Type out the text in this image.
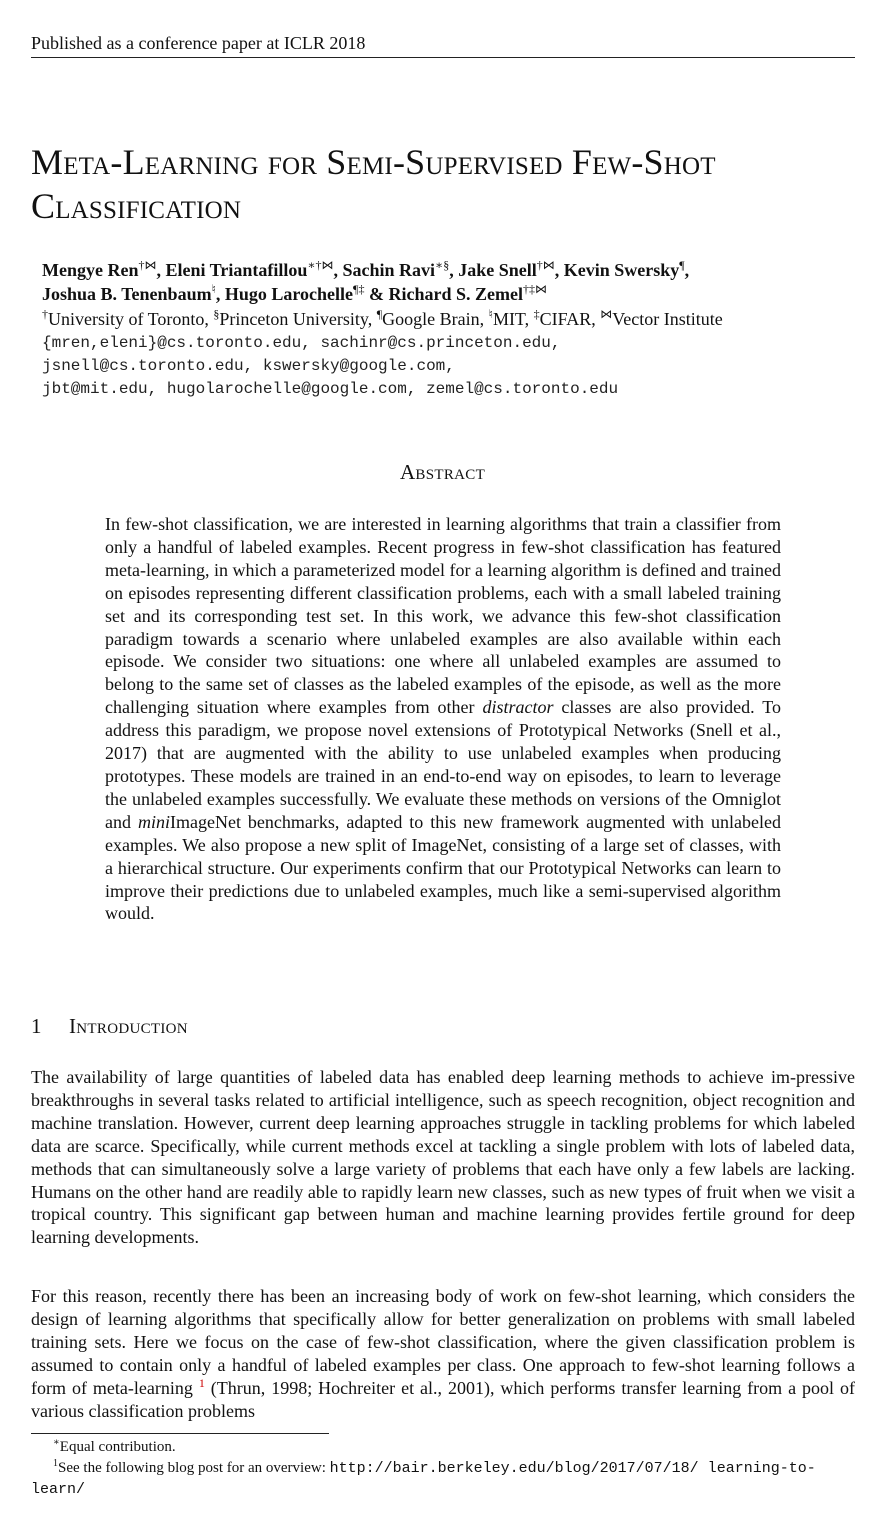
Published as a conference paper at ICLR 2018
Meta-Learning for Semi-Supervised Few-Shot Classification
Mengye Ren†⋈, Eleni Triantafillou∗†⋈, Sachin Ravi∗§, Jake Snell†⋈, Kevin Swersky¶,
Joshua B. Tenenbaum♮, Hugo Larochelle¶‡ & Richard S. Zemel†‡⋈
†University of Toronto, §Princeton University, ¶Google Brain, ♮MIT, ‡CIFAR, ⋈Vector Institute
{mren,eleni}@cs.toronto.edu, sachinr@cs.princeton.edu,
jsnell@cs.toronto.edu, kswersky@google.com,
jbt@mit.edu, hugolarochelle@google.com, zemel@cs.toronto.edu
Abstract
In few-shot classification, we are interested in learning algorithms that train a classifier from only a handful of labeled examples. Recent progress in few-shot classification has featured meta-learning, in which a parameterized model for a learning algorithm is defined and trained on episodes representing different classification problems, each with a small labeled training set and its corresponding test set. In this work, we advance this few-shot classification paradigm towards a scenario where unlabeled examples are also available within each episode. We consider two situations: one where all unlabeled examples are assumed to belong to the same set of classes as the labeled examples of the episode, as well as the more challenging situation where examples from other distractor classes are also provided. To address this paradigm, we propose novel extensions of Prototypical Networks (Snell et al., 2017) that are augmented with the ability to use unlabeled examples when producing prototypes. These models are trained in an end-to-end way on episodes, to learn to leverage the unlabeled examples successfully. We evaluate these methods on versions of the Omniglot and miniImageNet benchmarks, adapted to this new framework augmented with unlabeled examples. We also propose a new split of ImageNet, consisting of a large set of classes, with a hierarchical structure. Our experiments confirm that our Prototypical Networks can learn to improve their predictions due to unlabeled examples, much like a semi-supervised algorithm would.
1 Introduction
The availability of large quantities of labeled data has enabled deep learning methods to achieve im-pressive breakthroughs in several tasks related to artificial intelligence, such as speech recognition, object recognition and machine translation. However, current deep learning approaches struggle in tackling problems for which labeled data are scarce. Specifically, while current methods excel at tackling a single problem with lots of labeled data, methods that can simultaneously solve a large variety of problems that each have only a few labels are lacking. Humans on the other hand are readily able to rapidly learn new classes, such as new types of fruit when we visit a tropical country. This significant gap between human and machine learning provides fertile ground for deep learning developments.
For this reason, recently there has been an increasing body of work on few-shot learning, which considers the design of learning algorithms that specifically allow for better generalization on problems with small labeled training sets. Here we focus on the case of few-shot classification, where the given classification problem is assumed to contain only a handful of labeled examples per class. One approach to few-shot learning follows a form of meta-learning $^1$ (Thrun, 1998; Hochreiter et al., 2001), which performs transfer learning from a pool of various classification problems
∗Equal contribution.
$^1$See the following blog post for an overview: http://bair.berkeley.edu/blog/2017/07/18/ learning-to-learn/
